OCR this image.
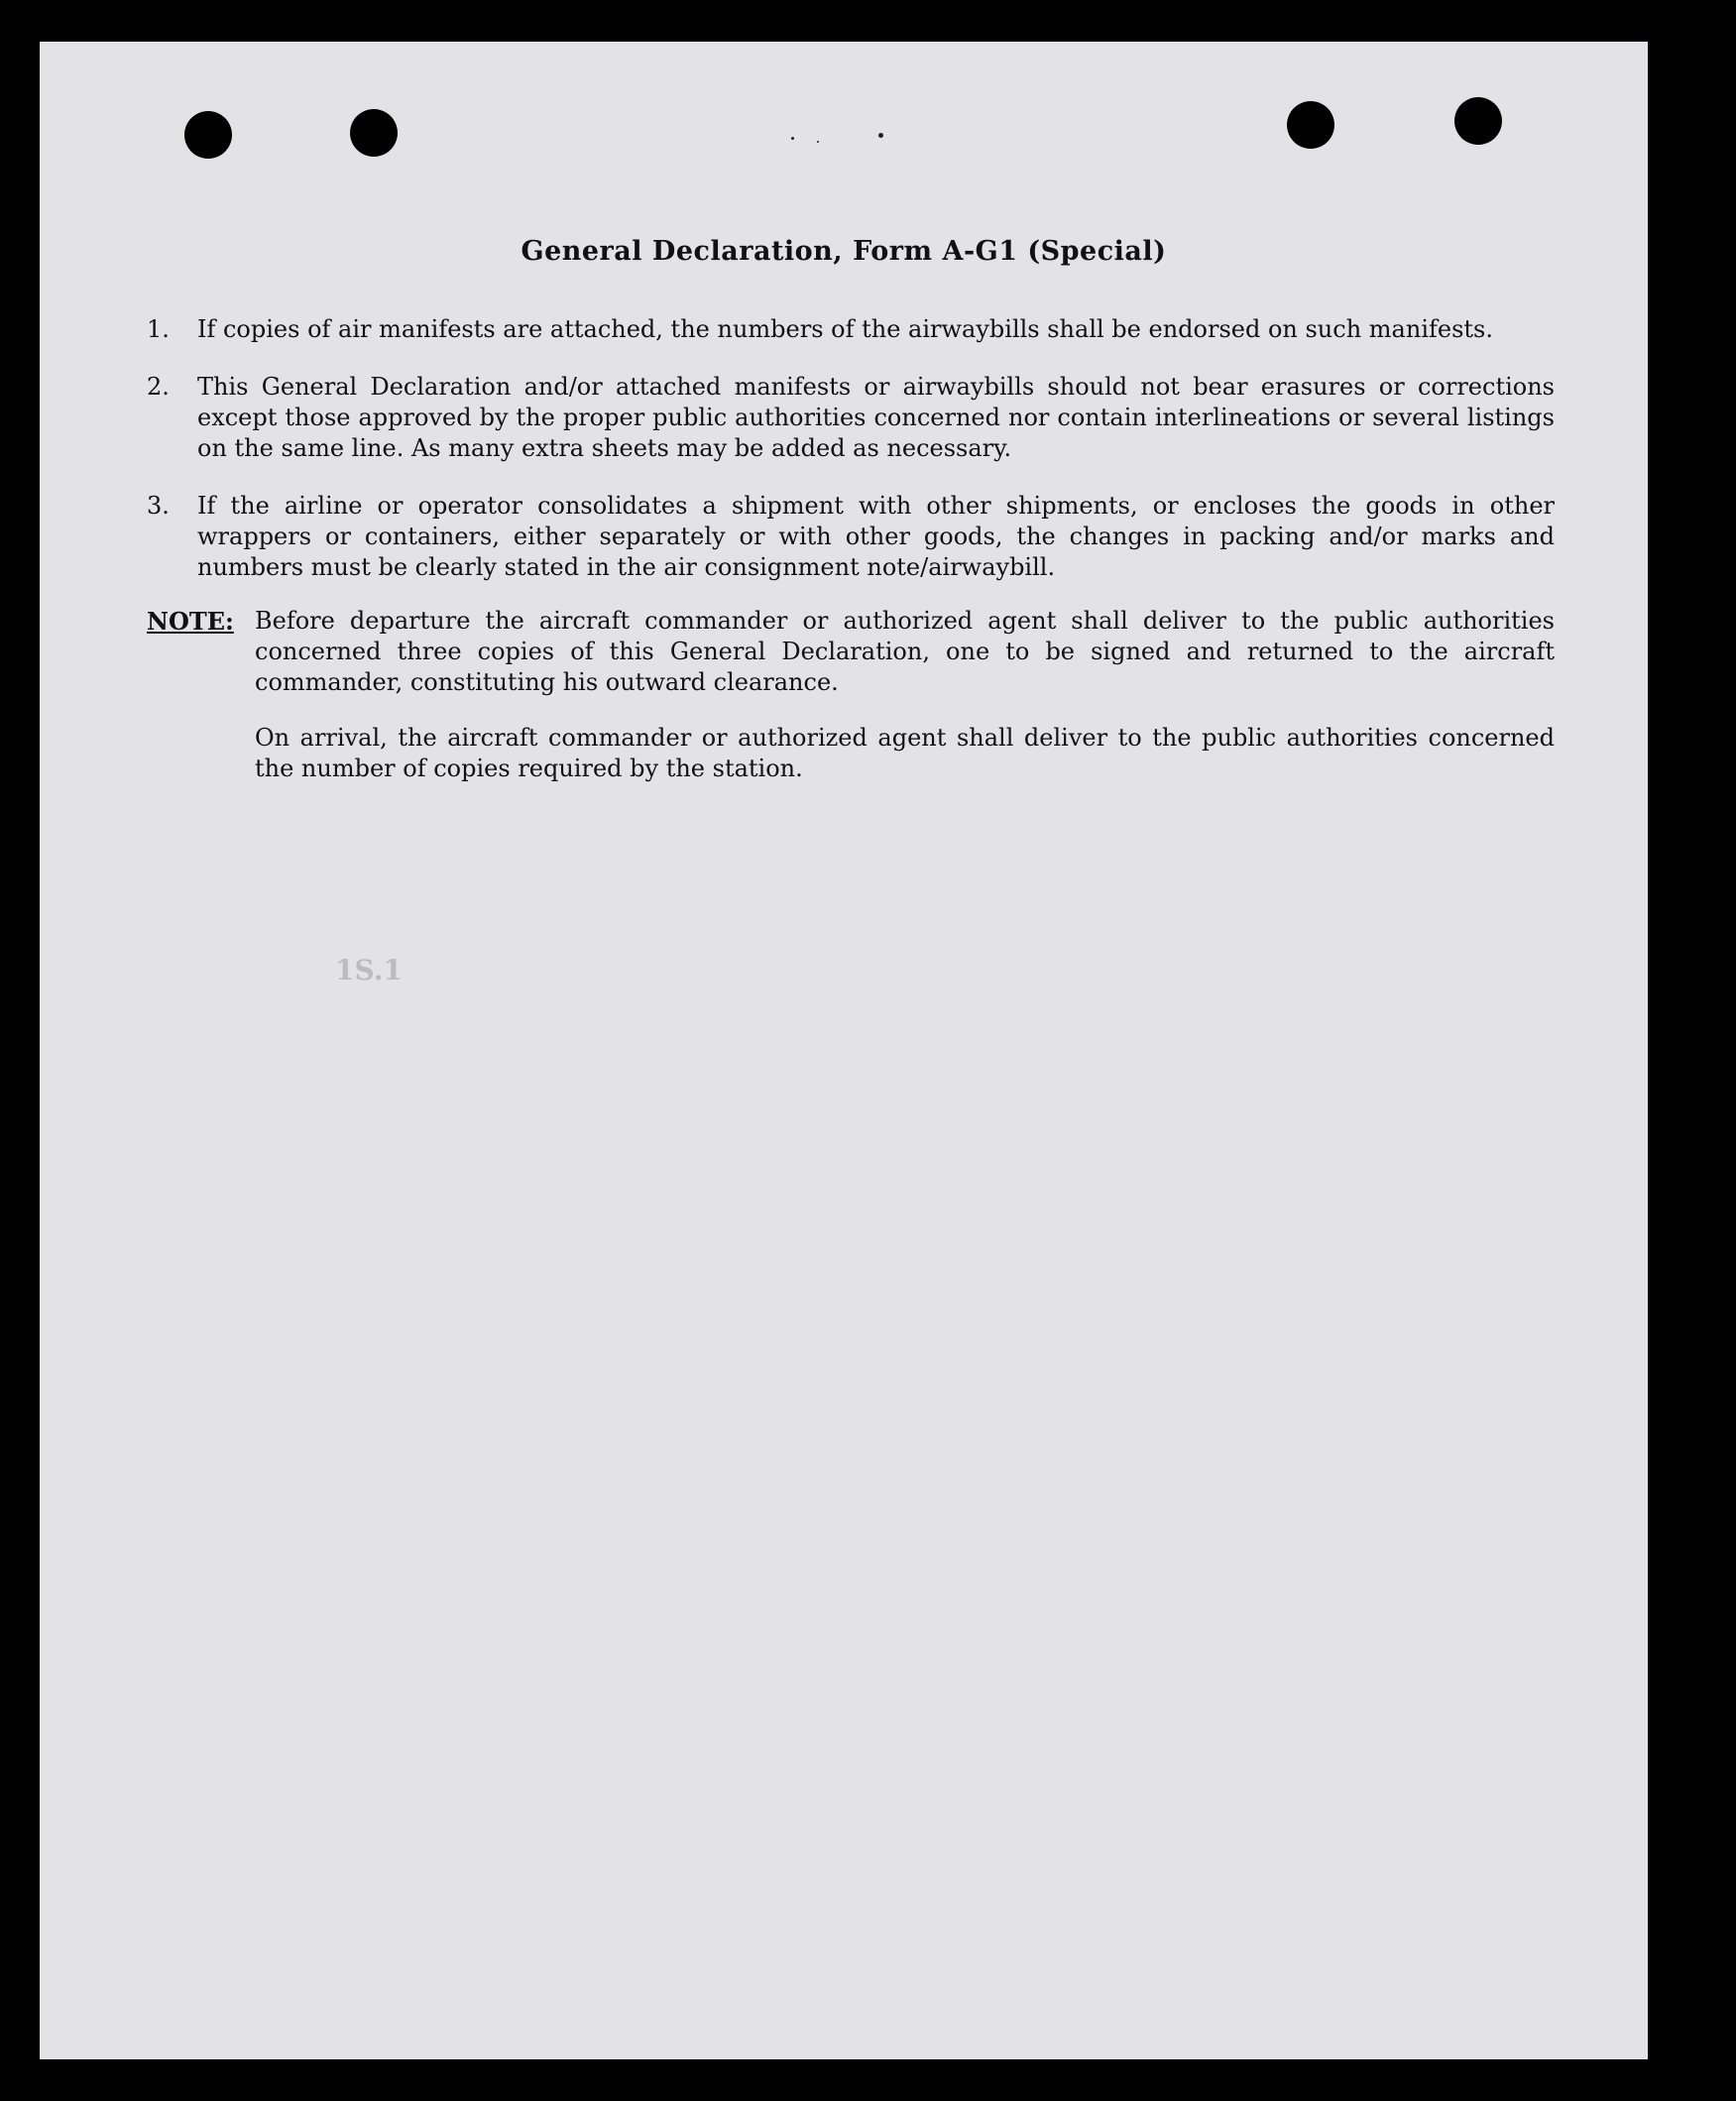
General Declaration, Form A-G1 (Special)
1. If copies of air manifests are attached, the numbers of the airwaybills shall be endorsed on such manifests.
2. This General Declaration and/or attached manifests or airwaybills should not bear erasures or corrections except those approved by the proper public authorities concerned nor contain interlineations or several listings on the same line. As many extra sheets may be added as necessary.
3. If the airline or operator consolidates a shipment with other shipments, or encloses the goods in other wrappers or containers, either separately or with other goods, the changes in packing and/or marks and numbers must be clearly stated in the air consignment note/airwaybill.
NOTE: Before departure the aircraft commander or authorized agent shall deliver to the public authorities concerned three copies of this General Declaration, one to be signed and returned to the aircraft commander, constituting his outward clearance.
On arrival, the aircraft commander or authorized agent shall deliver to the public authorities concerned the number of copies required by the station.
1S.1
